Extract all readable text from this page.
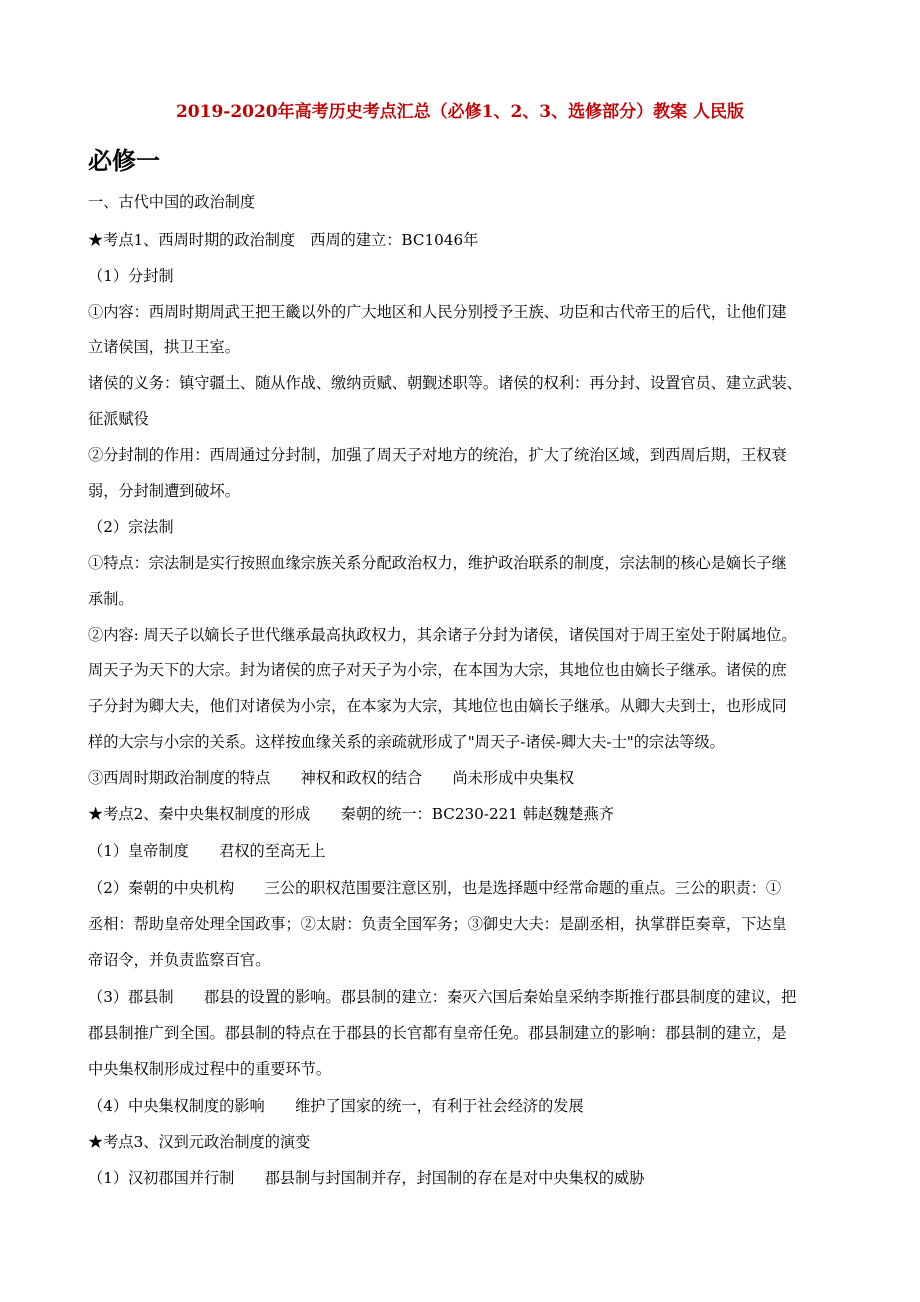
2019-2020年高考历史考点汇总（必修1、2、3、选修部分）教案 人民版
必修一
一、古代中国的政治制度
★考点1、西周时期的政治制度　西周的建立：BC1046年
（1）分封制
①内容：西周时期周武王把王畿以外的广大地区和人民分别授予王族、功臣和古代帝王的后代，让他们建
立诸侯国，拱卫王室。
诸侯的义务：镇守疆土、随从作战、缴纳贡赋、朝觐述职等。诸侯的权利：再分封、设置官员、建立武装、
征派赋役
②分封制的作用：西周通过分封制，加强了周天子对地方的统治，扩大了统治区域，到西周后期，王权衰
弱，分封制遭到破坏。
（2）宗法制
①特点：宗法制是实行按照血缘宗族关系分配政治权力，维护政治联系的制度，宗法制的核心是嫡长子继
承制。
②内容: 周天子以嫡长子世代继承最高执政权力，其余诸子分封为诸侯，诸侯国对于周王室处于附属地位。
周天子为天下的大宗。封为诸侯的庶子对天子为小宗，在本国为大宗，其地位也由嫡长子继承。诸侯的庶
子分封为卿大夫，他们对诸侯为小宗，在本家为大宗，其地位也由嫡长子继承。从卿大夫到士，也形成同
样的大宗与小宗的关系。这样按血缘关系的亲疏就形成了"周天子-诸侯-卿大夫-士"的宗法等级。
③西周时期政治制度的特点　　神权和政权的结合　　尚未形成中央集权
★考点2、秦中央集权制度的形成　　秦朝的统一：BC230-221 韩赵魏楚燕齐
（1）皇帝制度　　君权的至高无上
（2）秦朝的中央机构　　三公的职权范围要注意区别，也是选择题中经常命题的重点。三公的职责：①
丞相：帮助皇帝处理全国政事；②太尉：负责全国军务；③御史大夫：是副丞相，执掌群臣奏章，下达皇
帝诏令，并负责监察百官。
（3）郡县制　　郡县的设置的影响。郡县制的建立：秦灭六国后秦始皇采纳李斯推行郡县制度的建议，把
郡县制推广到全国。郡县制的特点在于郡县的长官都有皇帝任免。郡县制建立的影响：郡县制的建立，是
中央集权制形成过程中的重要环节。
（4）中央集权制度的影响　　维护了国家的统一，有利于社会经济的发展
★考点3、汉到元政治制度的演变
（1）汉初郡国并行制　　郡县制与封国制并存，封国制的存在是对中央集权的威胁
